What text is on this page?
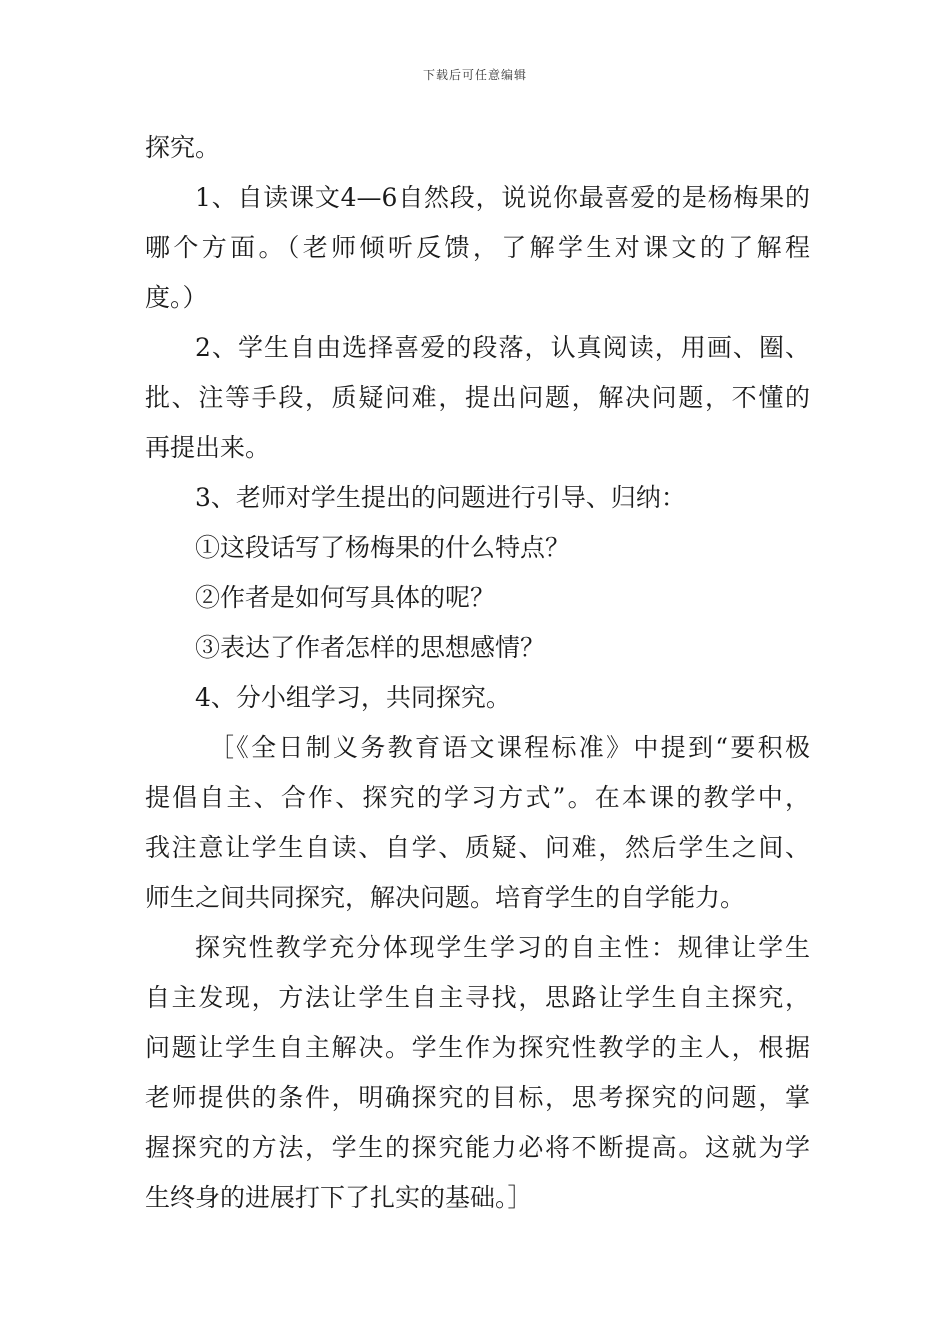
下载后可任意编辑
探究。
1、自读课文4—6自然段，说说你最喜爱的是杨梅果的
哪个方面。（老师倾听反馈，了解学生对课文的了解程
度。）
2、学生自由选择喜爱的段落，认真阅读，用画、圈、
批、注等手段，质疑问难，提出问题，解决问题，不懂的
再提出来。
3、老师对学生提出的问题进行引导、归纳：
①这段话写了杨梅果的什么特点？
②作者是如何写具体的呢？
③表达了作者怎样的思想感情？
4、分小组学习，共同探究。
［《全日制义务教育语文课程标准》中提到“要积极
提倡自主、合作、探究的学习方式”。在本课的教学中，
我注意让学生自读、自学、质疑、问难，然后学生之间、
师生之间共同探究，解决问题。培育学生的自学能力。
探究性教学充分体现学生学习的自主性：规律让学生
自主发现，方法让学生自主寻找，思路让学生自主探究，
问题让学生自主解决。学生作为探究性教学的主人，根据
老师提供的条件，明确探究的目标，思考探究的问题，掌
握探究的方法，学生的探究能力必将不断提高。这就为学
生终身的进展打下了扎实的基础。］
